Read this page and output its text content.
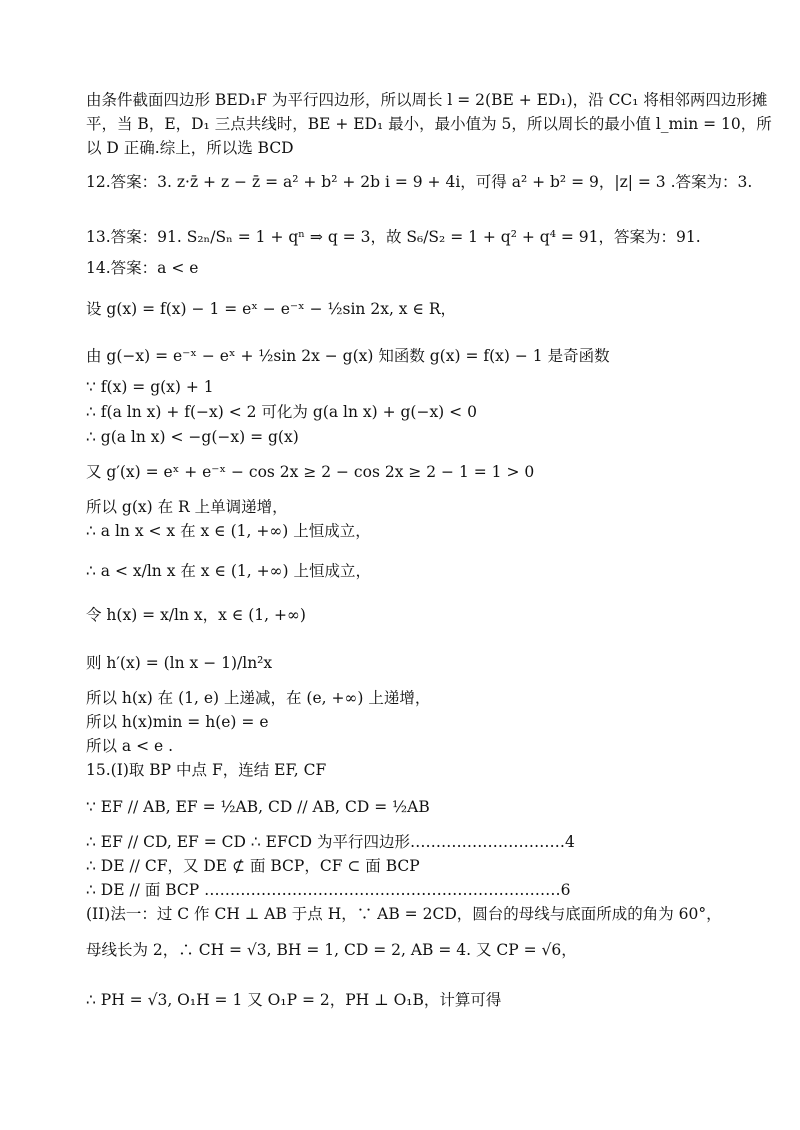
由条件截面四边形 BED₁F 为平行四边形，所以周长 l = 2(BE + ED₁)，沿 CC₁ 将相邻两四边形摊平，当 B，E，D₁ 三点共线时，BE + ED₁ 最小，最小值为 5，所以周长的最小值 l_min = 10，所以 D 正确.综上，所以选 BCD
12.答案：3. z·z̄ + z − z̄ = a² + b² + 2b i = 9 + 4i，可得 a² + b² = 9，|z| = 3 .答案为：3.
13.答案：91. S₂ₙ/Sₙ = 1 + qⁿ ⇒ q = 3，故 S₆/S₂ = 1 + q² + q⁴ = 91，答案为：91.
14.答案：a < e
设 g(x) = f(x) − 1 = eˣ − e⁻ˣ − ½sin 2x, x ∈ R，
由 g(−x) = e⁻ˣ − eˣ + ½sin 2x − g(x) 知函数 g(x) = f(x) − 1 是奇函数
∵ f(x) = g(x) + 1
∴ f(a ln x) + f(−x) < 2 可化为 g(a ln x) + g(−x) < 0
∴ g(a ln x) < −g(−x) = g(x)
又 g′(x) = eˣ + e⁻ˣ − cos 2x ≥ 2 − cos 2x ≥ 2 − 1 = 1 > 0
所以 g(x) 在 R 上单调递增，
∴ a ln x < x 在 x ∈ (1, +∞) 上恒成立，
∴ a < x/ln x 在 x ∈ (1, +∞) 上恒成立，
令 h(x) = x/ln x，x ∈ (1, +∞)
则 h′(x) = (ln x − 1)/ln²x
所以 h(x) 在 (1, e) 上递减，在 (e, +∞) 上递增，
所以 h(x)min = h(e) = e
所以 a < e .
15.(I)取 BP 中点 F，连结 EF, CF
∵ EF // AB, EF = ½AB, CD // AB, CD = ½AB
∴ EF // CD, EF = CD ∴ EFCD 为平行四边形…………………………4
∴ DE // CF，又 DE ⊄ 面 BCP，CF ⊂ 面 BCP
∴ DE // 面 BCP ……………………………………………………………6
(II)法一：过 C 作 CH ⊥ AB 于点 H，∵ AB = 2CD，圆台的母线与底面所成的角为 60°，
母线长为 2，∴ CH = √3, BH = 1, CD = 2, AB = 4. 又 CP = √6，
∴ PH = √3, O₁H = 1 又 O₁P = 2，PH ⊥ O₁B，计算可得
